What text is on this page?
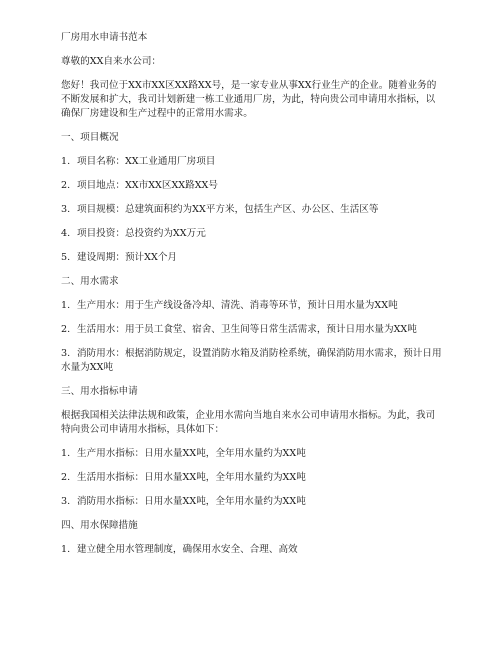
厂房用水申请书范本
尊敬的XX自来水公司：
您好！我司位于XX市XX区XX路XX号，是一家专业从事XX行业生产的企业。随着业务的不断发展和扩大，我司计划新建一栋工业通用厂房，为此，特向贵公司申请用水指标，以确保厂房建设和生产过程中的正常用水需求。
一、项目概况
1. 项目名称：XX工业通用厂房项目
2. 项目地点：XX市XX区XX路XX号
3. 项目规模：总建筑面积约为XX平方米，包括生产区、办公区、生活区等
4. 项目投资：总投资约为XX万元
5. 建设周期：预计XX个月
二、用水需求
1. 生产用水：用于生产线设备冷却、清洗、消毒等环节，预计日用水量为XX吨
2. 生活用水：用于员工食堂、宿舍、卫生间等日常生活需求，预计日用水量为XX吨
3. 消防用水：根据消防规定，设置消防水箱及消防栓系统，确保消防用水需求，预计日用水量为XX吨
三、用水指标申请
根据我国相关法律法规和政策，企业用水需向当地自来水公司申请用水指标。为此，我司特向贵公司申请用水指标，具体如下：
1. 生产用水指标：日用水量XX吨，全年用水量约为XX吨
2. 生活用水指标：日用水量XX吨，全年用水量约为XX吨
3. 消防用水指标：日用水量XX吨，全年用水量约为XX吨
四、用水保障措施
1. 建立健全用水管理制度，确保用水安全、合理、高效
